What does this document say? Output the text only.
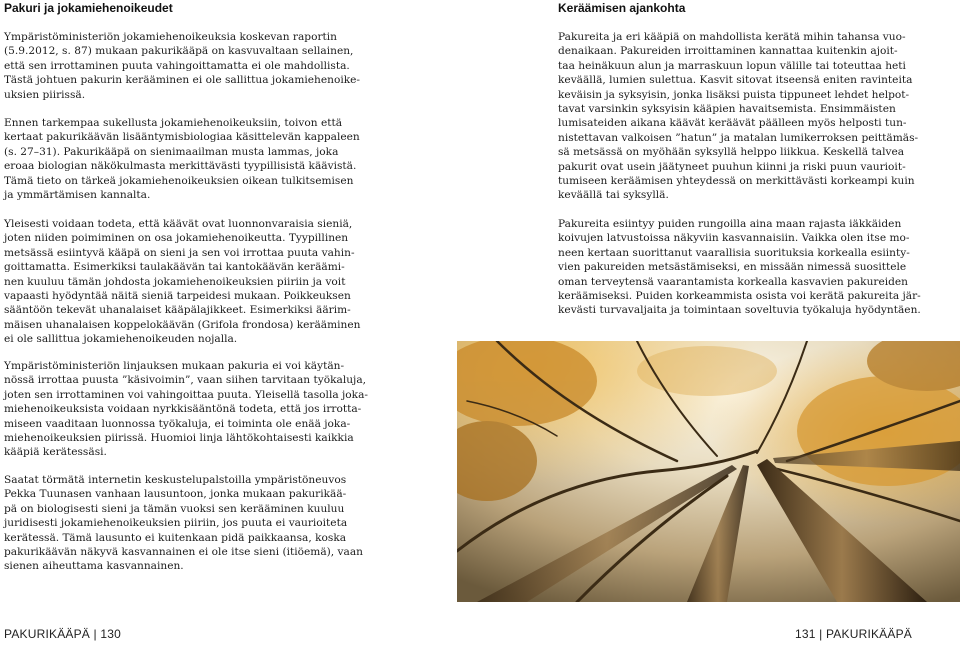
Pakuri ja jokamiehenoikeudet

Ympäristöministeriön jokamiehenoikeuksia koskevan raportin
(5.9.2012, s. 87) mukaan pakurikääpä on kasvuvaltaan sellainen,
että sen irrottaminen puuta vahingoittamatta ei ole mahdollista.
Tästä johtuen pakurin kerääminen ei ole sallittua jokamiehenoike-
uksien piirissä.

Ennen tarkempaa sukellusta jokamiehenoikeuksiin, toivon että
kertaat pakurikäävän lisääntymisbiologiaa käsittelevän kappaleen
(s. 27–31). Pakurikääpä on sienimaailman musta lammas, joka
eroaa biologian näkökulmasta merkittävästi tyypillisistä käävistä.
Tämä tieto on tärkeä jokamiehenoikeuksien oikean tulkitsemisen
ja ymmärtämisen kannalta.

Yleisesti voidaan todeta, että käävät ovat luonnonvaraisia sieniä,
joten niiden poimiminen on osa jokamiehenoikeutta. Tyypillinen
metsässä esiintyvä kääpä on sieni ja sen voi irrottaa puuta vahin-
goittamatta. Esimerkiksi taulakäävän tai kantokäävän keräämi-
nen kuuluu tämän johdosta jokamiehenoikeuksien piiriin ja voit
vapaasti hyödyntää näitä sieniä tarpeidesi mukaan. Poikkeuksen
sääntöön tekevät uhanalaiset kääpälajikkeet. Esimerkiksi äärim-
mäisen uhanalaisen koppelokäävän (Grifola frondosa) kerääminen
ei ole sallittua jokamiehenoikeuden nojalla.

Ympäristöministeriön linjauksen mukaan pakuria ei voi käytän-
nössä irrottaa puusta ”käsivoimin”, vaan siihen tarvitaan työkaluja,
joten sen irrottaminen voi vahingoittaa puuta. Yleisellä tasolla joka-
miehenoikeuksista voidaan nyrkkisääntönä todeta, että jos irrotta-
miseen vaaditaan luonnossa työkaluja, ei toiminta ole enää joka-
miehenoikeuksien piirissä. Huomioi linja lähtökohtaisesti kaikkia
kääpiä kerätessäsi.

Saatat törmätä internetin keskustelupalstoilla ympäristöneuvos
Pekka Tuunasen vanhaan lausuntoon, jonka mukaan pakurikää-
pä on biologisesti sieni ja tämän vuoksi sen kerääminen kuuluu
juridisesti jokamiehenoikeuksien piiriin, jos puuta ei vaurioiteta
kerätessä. Tämä lausunto ei kuitenkaan pidä paikkaansa, koska
pakurikäävän näkyvä kasvannainen ei ole itse sieni (itiöemä), vaan
sienen aiheuttama kasvannainen.

PAKURIKÄÄPÄ | 130
Keräämisen ajankohta

Pakureita ja eri kääpiä on mahdollista kerätä mihin tahansa vuo-
denaikaan. Pakureiden irroittaminen kannattaa kuitenkin ajoit-
taa heinäkuun alun ja marraskuun lopun välille tai toteuttaa heti
keväällä, lumien sulettua. Kasvit sitovat itseensä eniten ravinteita
keväisin ja syksyisin, jonka lisäksi puista tippuneet lehdet helpot-
tavat varsinkin syksyisin kääpien havaitsemista. Ensimmäisten
lumisateiden aikana käävät keräävät päälleen myös helposti tun-
nistettavan valkoisen ”hatun” ja matalan lumikerroksen peittämäs-
sä metsässä on myöhään syksyllä helppo liikkua. Keskellä talvea
pakurit ovat usein jäätyneet puuhun kiinni ja riski puun vaurioit-
tumiseen keräämisen yhteydessä on merkittävästi korkeampi kuin
keväällä tai syksyllä.

Pakureita esiintyy puiden rungoilla aina maan rajasta iäkkäiden
koivujen latvustoissa näkyviin kasvannaisiin. Vaikka olen itse mo-
neen kertaan suorittanut vaarallisia suorituksia korkealla esiinty-
vien pakureiden metsästämiseksi, en missään nimessä suosittele
oman terveytensä vaarantamista korkealla kasvavien pakureiden
keräämiseksi. Puiden korkeammista osista voi kerätä pakureita jär-
kevästi turvavaljaita ja toimintaan soveltuvia työkaluja hyödyntäen.

131 | PAKURIKÄÄPÄ
